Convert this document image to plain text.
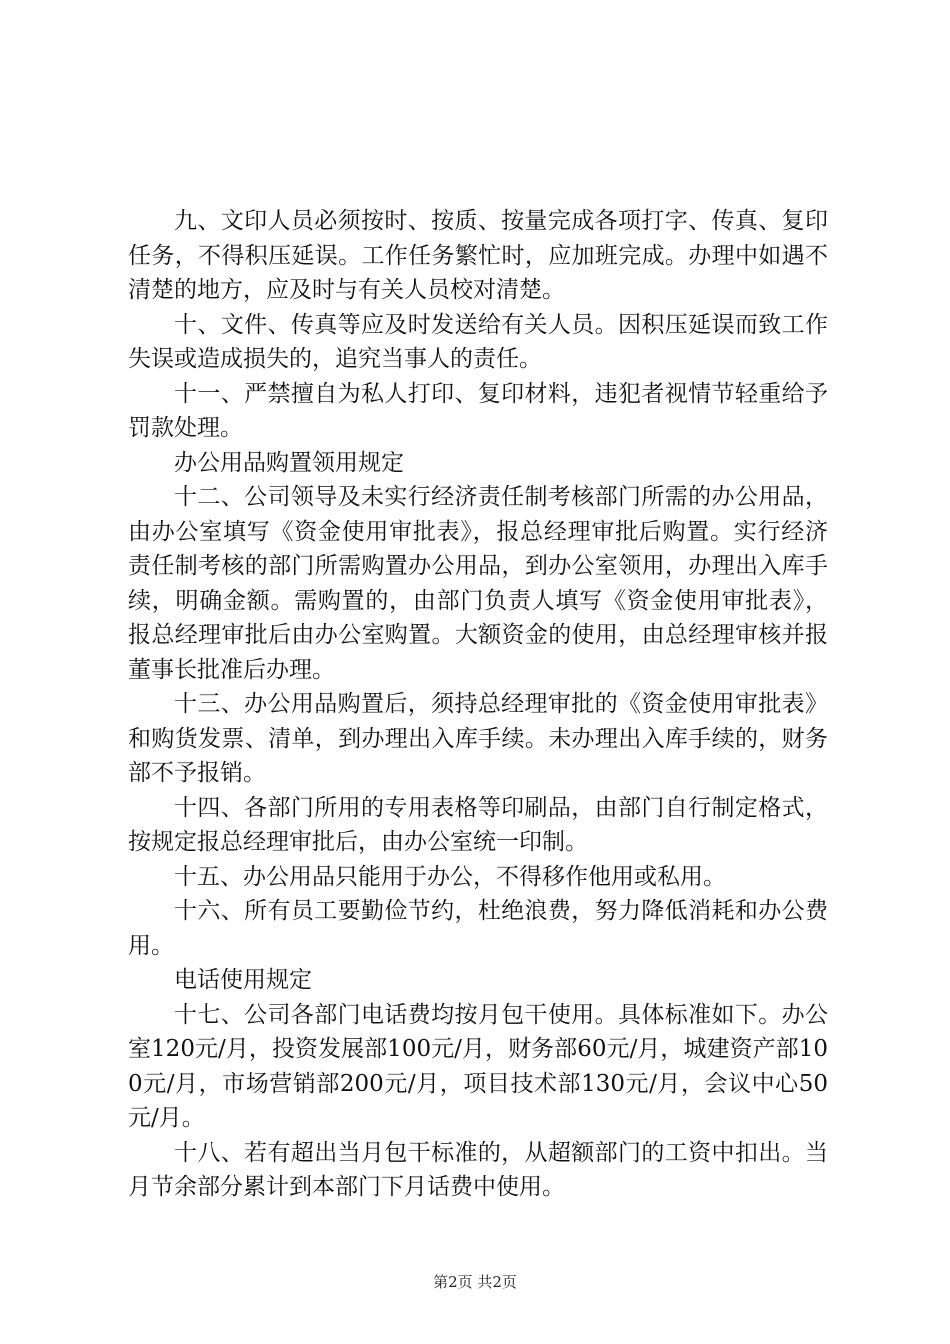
九、文印人员必须按时、按质、按量完成各项打字、传真、复印任务，不得积压延误。工作任务繁忙时，应加班完成。办理中如遇不清楚的地方，应及时与有关人员校对清楚。

十、文件、传真等应及时发送给有关人员。因积压延误而致工作失误或造成损失的，追究当事人的责任。

十一、严禁擅自为私人打印、复印材料，违犯者视情节轻重给予罚款处理。

办公用品购置领用规定

十二、公司领导及未实行经济责任制考核部门所需的办公用品，由办公室填写《资金使用审批表》，报总经理审批后购置。实行经济责任制考核的部门所需购置办公用品，到办公室领用，办理出入库手续，明确金额。需购置的，由部门负责人填写《资金使用审批表》，报总经理审批后由办公室购置。大额资金的使用，由总经理审核并报董事长批准后办理。

十三、办公用品购置后，须持总经理审批的《资金使用审批表》和购货发票、清单，到办理出入库手续。未办理出入库手续的，财务部不予报销。

十四、各部门所用的专用表格等印刷品，由部门自行制定格式，按规定报总经理审批后，由办公室统一印制。

十五、办公用品只能用于办公，不得移作他用或私用。

十六、所有员工要勤俭节约，杜绝浪费，努力降低消耗和办公费用。

电话使用规定

十七、公司各部门电话费均按月包干使用。具体标准如下。办公室120元/月，投资发展部100元/月，财务部60元/月，城建资产部100元/月，市场营销部200元/月，项目技术部130元/月，会议中心50元/月。

十八、若有超出当月包干标准的，从超额部门的工资中扣出。当月节余部分累计到本部门下月话费中使用。

第2页 共2页
